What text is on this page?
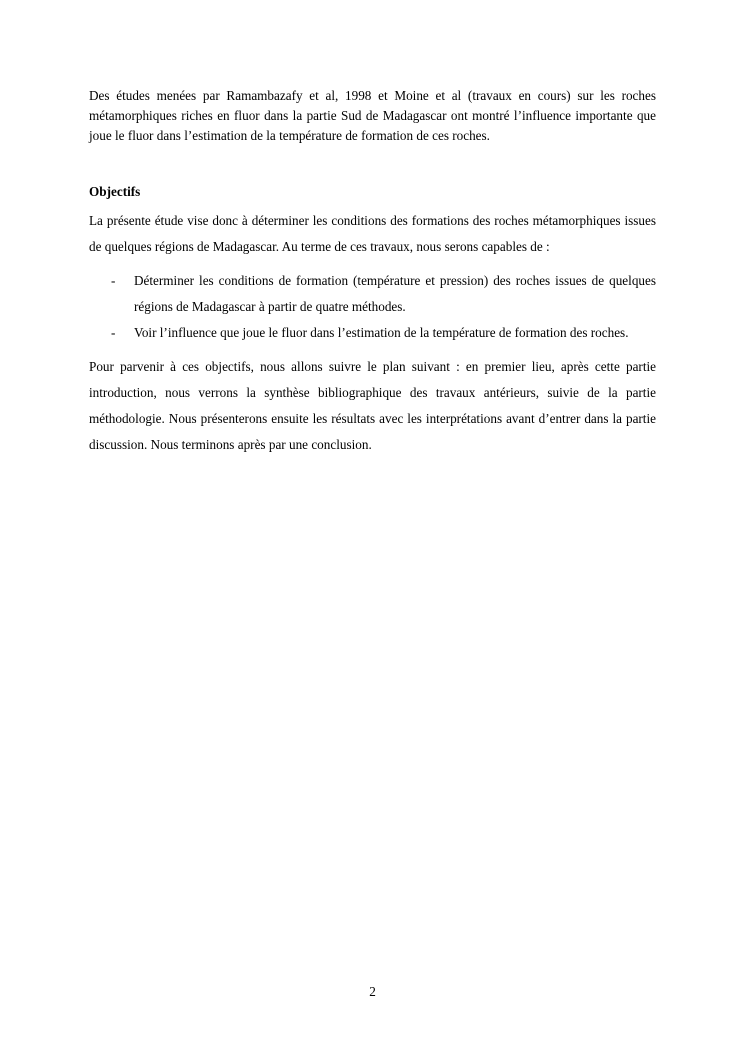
Des études menées par Ramambazafy et al, 1998 et Moine et al (travaux en cours) sur les roches métamorphiques riches en fluor dans la partie Sud de Madagascar ont montré l’influence importante que joue le fluor dans l’estimation de la température de formation de ces roches.

Objectifs

La présente étude vise donc à déterminer les conditions des formations des roches métamorphiques issues de quelques régions de Madagascar. Au terme de ces travaux, nous serons capables de :

- Déterminer les conditions de formation (température et pression) des roches issues de quelques régions de Madagascar à partir de quatre méthodes.
- Voir l’influence que joue le fluor dans l’estimation de la température de formation des roches.

Pour parvenir à ces objectifs, nous allons suivre le plan suivant : en premier lieu, après cette partie introduction, nous verrons la synthèse bibliographique des travaux antérieurs, suivie de la partie méthodologie. Nous présenterons ensuite les résultats avec les interprétations avant d’entrer dans la partie discussion. Nous terminons après par une conclusion.

2
